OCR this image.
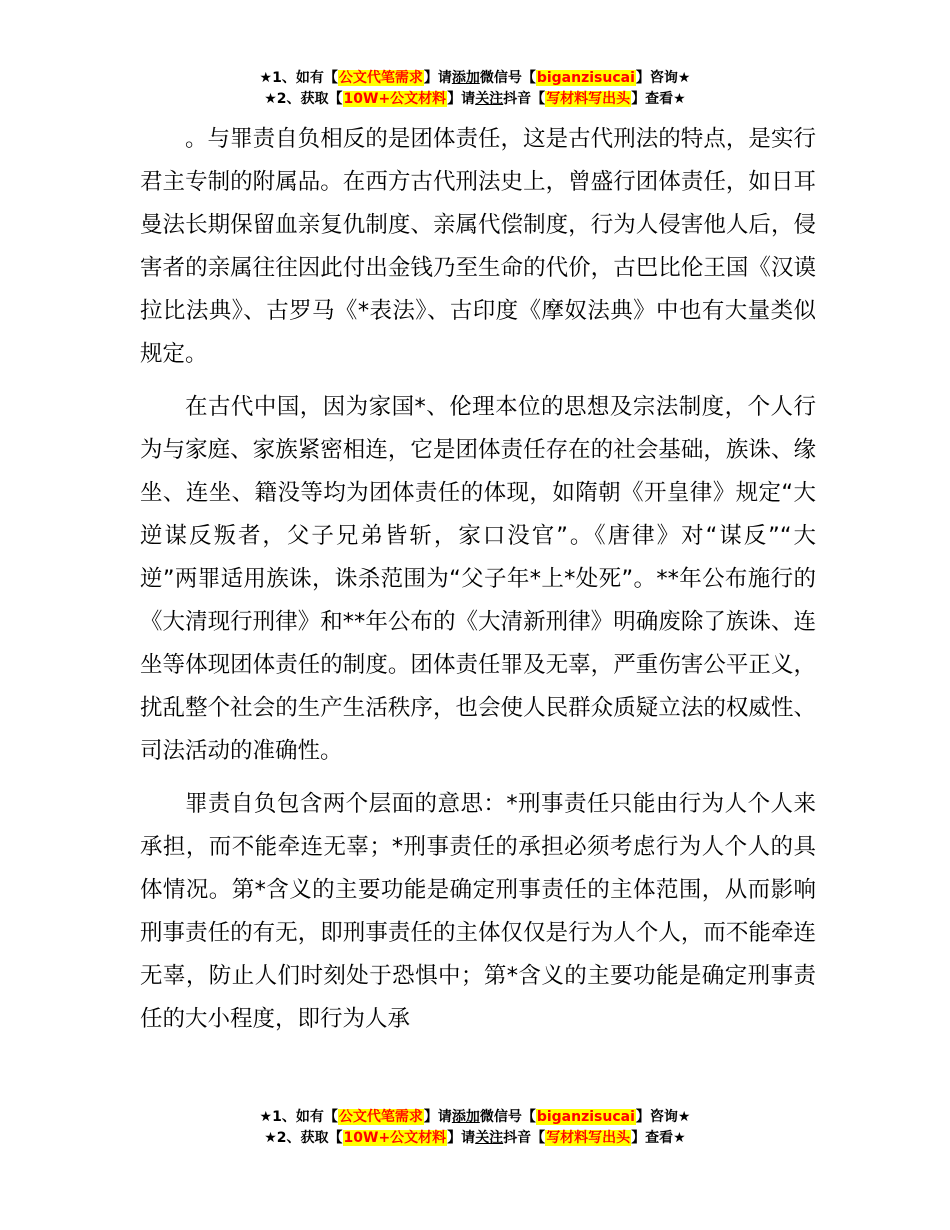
★1、如有【公文代笔需求】请添加微信号【biganzisucai】咨询★
★2、获取【10W+公文材料】请关注抖音【写材料写出头】查看★

。与罪责自负相反的是团体责任，这是古代刑法的特点，是实行君主专制的附属品。在西方古代刑法史上，曾盛行团体责任，如日耳曼法长期保留血亲复仇制度、亲属代偿制度，行为人侵害他人后，侵害者的亲属往往因此付出金钱乃至生命的代价，古巴比伦王国《汉谟拉比法典》、古罗马《*表法》、古印度《摩奴法典》中也有大量类似规定。

在古代中国，因为家国*、伦理本位的思想及宗法制度，个人行为与家庭、家族紧密相连，它是团体责任存在的社会基础，族诛、缘坐、连坐、籍没等均为团体责任的体现，如隋朝《开皇律》规定“大逆谋反叛者，父子兄弟皆斩，家口没官”。《唐律》对“谋反”“大逆”两罪适用族诛，诛杀范围为“父子年*上*处死”。**年公布施行的《大清现行刑律》和**年公布的《大清新刑律》明确废除了族诛、连坐等体现团体责任的制度。团体责任罪及无辜，严重伤害公平正义，扰乱整个社会的生产生活秩序，也会使人民群众质疑立法的权威性、司法活动的准确性。

罪责自负包含两个层面的意思：*刑事责任只能由行为人个人来承担，而不能牵连无辜；*刑事责任的承担必须考虑行为人个人的具体情况。第*含义的主要功能是确定刑事责任的主体范围，从而影响刑事责任的有无，即刑事责任的主体仅仅是行为人个人，而不能牵连无辜，防止人们时刻处于恐惧中；第*含义的主要功能是确定刑事责任的大小程度，即行为人承

★1、如有【公文代笔需求】请添加微信号【biganzisucai】咨询★
★2、获取【10W+公文材料】请关注抖音【写材料写出头】查看★
